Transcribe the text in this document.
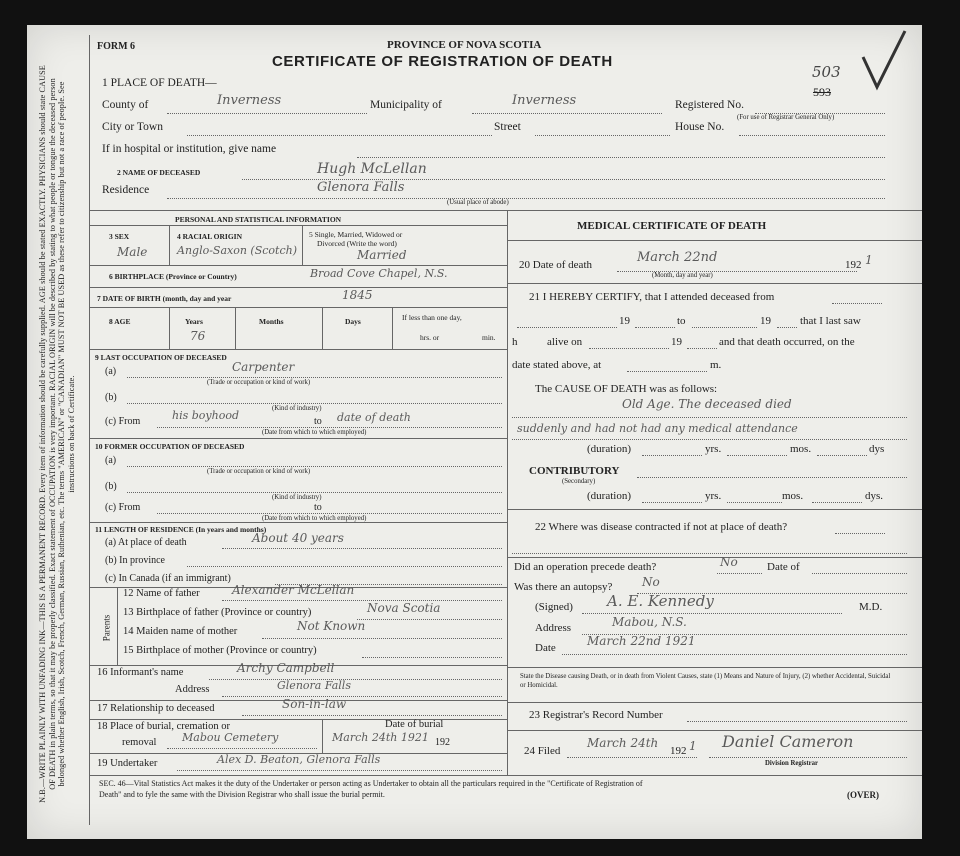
N.B.—WRITE PLAINLY WITH UNFADING INK—THIS IS A PERMANENT RECORD. Every item of information should be carefully supplied. AGE should be stated EXACTLY. PHYSICIANS should state CAUSE OF DEATH in plain terms, so that it may be properly classified. Exact statement of OCCUPATION is very important. RACIAL ORIGIN will be described by stating to what people or tongue the deceased person belonged whether English, Irish, Scotch, French, German, Russian, Ruthenian, etc. The terms "AMERICAN" or "CANADIAN" MUST NOT BE USED as these refer to citizenship but not a race of people. See instructions on back of Certificate.
FORM 6	PROVINCE OF NOVA SCOTIA
CERTIFICATE OF REGISTRATION OF DEATH
503
1 PLACE OF DEATH—
County of	Inverness	Municipality of	Inverness	Registered No.
593
(For use of Registrar General Only)
City or Town	Street	House No.
If in hospital or institution, give name
2 NAME OF DECEASED	Hugh McLellan
Residence	Glenora Falls
(Usual place of abode)
PERSONAL AND STATISTICAL INFORMATION
3 SEX
Male
4 RACIAL ORIGIN
Anglo-Saxon (Scotch)
5 Single, Married, Widowed or
Divorced (Write the word)
Married
6 BIRTHPLACE (Province or Country)	Broad Cove Chapel, N.S.
7 DATE OF BIRTH (month, day and year	1845
8 AGE	Years
76
Months	Days	If less than one day,
hrs. or	min.
9 LAST OCCUPATION OF DECEASED
(a)	Carpenter
(Trade or occupation or kind of work)
(b)
(Kind of industry)
(c) From	his boyhood	to date of death
(Date from which to which employed)
10 FORMER OCCUPATION OF DECEASED
(a)
(Trade or occupation or kind of work)
(b)
(Kind of industry)
(c) From	to
(Date from which to which employed)
11 LENGTH OF RESIDENCE (In years and months)
(a) At place of death	About 40 years
(b) In province
(c) In Canada (if an immigrant)
Parents
12 Name of father	Alexander McLellan
13 Birthplace of father (Province or country)	Nova Scotia
14 Maiden name of mother	Not Known
15 Birthplace of mother (Province or country)
16 Informant's name	Archy Campbell
Address	Glenora Falls
17 Relationship to deceased	Son-in-law
18 Place of burial, cremation or
removal Mabou Cemetery
Date of burial
March 24th 1921 192
19 Undertaker	Alex D. Beaton, Glenora Falls
MEDICAL CERTIFICATE OF DEATH
20 Date of death	March 22nd
(Month, day and year)
192 1
21 I HEREBY CERTIFY, that I attended deceased from
19	to	19	that I last saw
h	alive on	19	and that death occurred, on the
date stated above, at	m.
The CAUSE OF DEATH was as follows:
Old Age. The deceased died
suddenly and had not had any medical attendance
(duration)	yrs.	mos.	dys
CONTRIBUTORY
(Secondary)
(duration)	yrs.	mos.	dys.
22 Where was disease contracted if not at place of death?
Did an operation precede death?	No	Date of
Was there an autopsy? No
(Signed) A. E. Kennedy	M.D.
Address	Mabou, N.S.
Date	March 22nd 1921
State the Disease causing Death, or in death from Violent Causes, state (1) Means and Nature of Injury, (2) whether Accidental, Suicidal or Homicidal.
23 Registrar's Record Number
24 Filed
March 24th
192 1 Daniel Cameron
Division Registrar
SEC. 46—Vital Statistics Act makes it the duty of the Undertaker or person acting as Undertaker to obtain all the particulars required in the "Certificate of Registration of
Death" and to fyle the same with the Division Registrar who shall issue the burial permit.	(OVER)
